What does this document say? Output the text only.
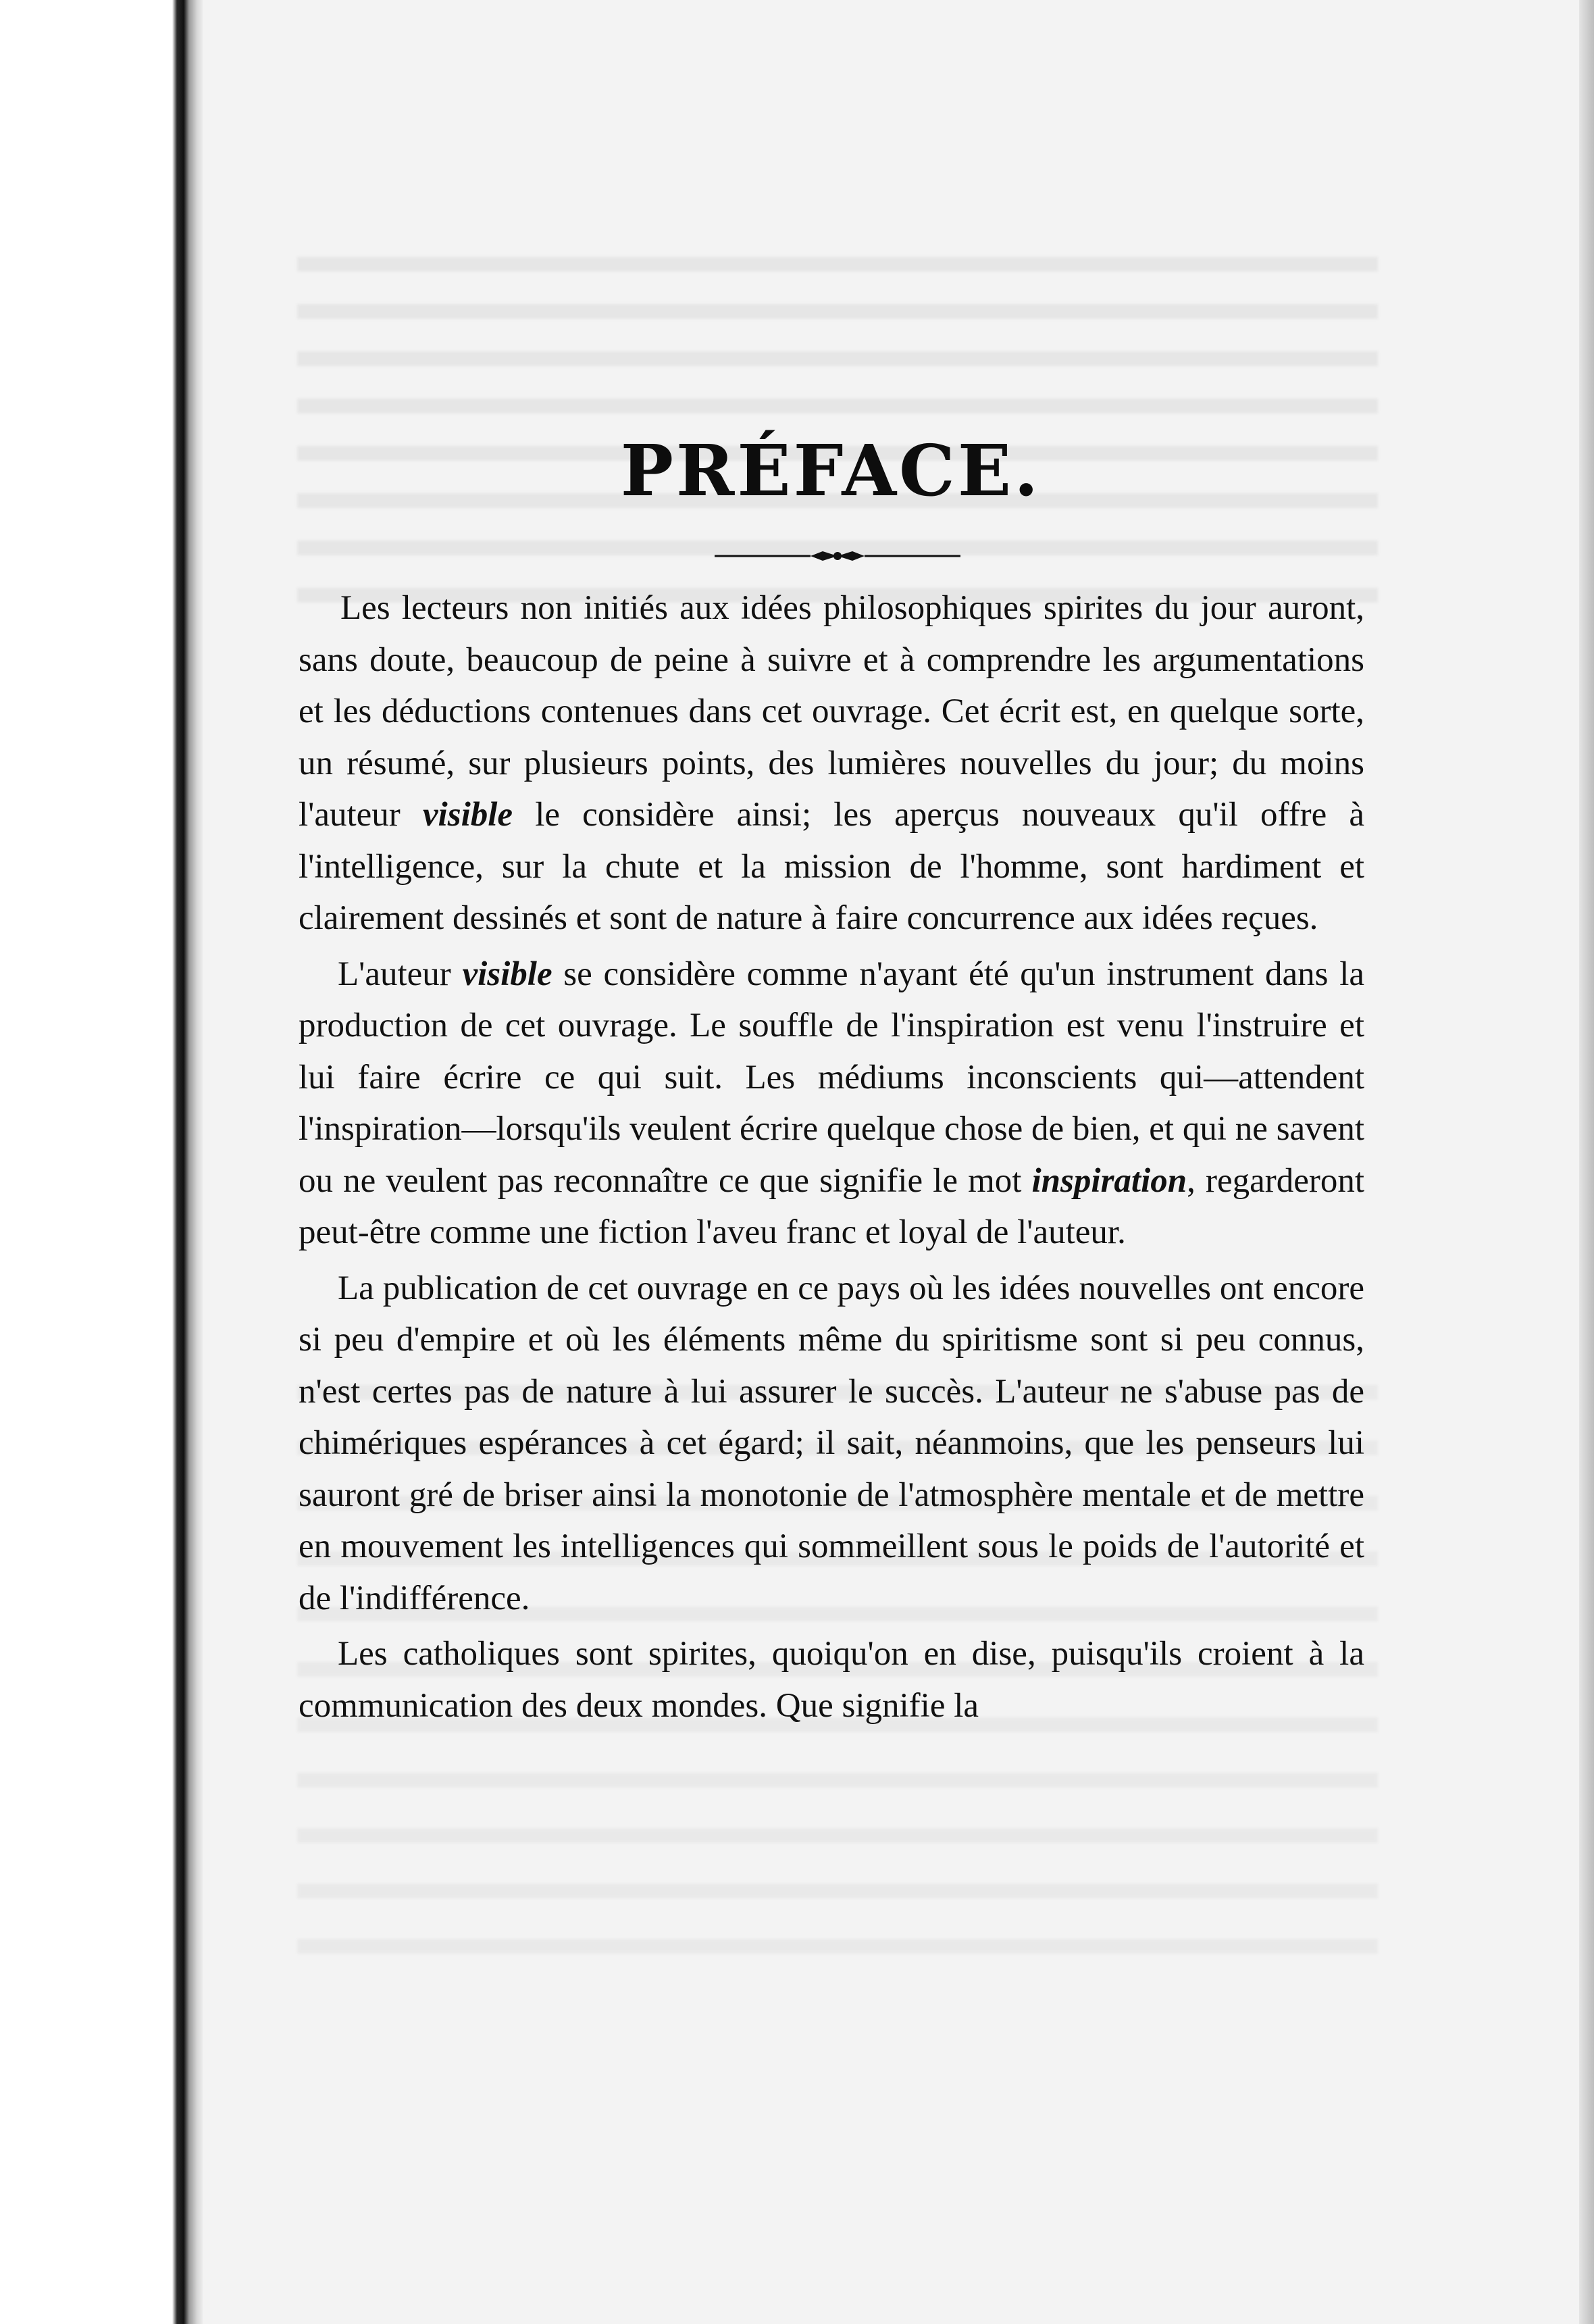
PRÉFACE.

Les lecteurs non initiés aux idées philosophiques spirites du jour auront, sans doute, beaucoup de peine à suivre et à comprendre les argumentations et les déductions contenues dans cet ouvrage. Cet écrit est, en quelque sorte, un résumé, sur plusieurs points, des lumières nouvelles du jour; du moins l'auteur visible le considère ainsi; les aperçus nouveaux qu'il offre à l'intelligence, sur la chute et la mission de l'homme, sont hardiment et clairement dessinés et sont de nature à faire concurrence aux idées reçues.

L'auteur visible se considère comme n'ayant été qu'un instrument dans la production de cet ouvrage. Le souffle de l'inspiration est venu l'instruire et lui faire écrire ce qui suit. Les médiums inconscients qui—attendent l'inspiration—lorsqu'ils veulent écrire quelque chose de bien, et qui ne savent ou ne veulent pas reconnaître ce que signifie le mot inspiration, regarderont peut-être comme une fiction l'aveu franc et loyal de l'auteur.

La publication de cet ouvrage en ce pays où les idées nouvelles ont encore si peu d'empire et où les éléments même du spiritisme sont si peu connus, n'est certes pas de nature à lui assurer le succès. L'auteur ne s'abuse pas de chimériques espérances à cet égard; il sait, néanmoins, que les penseurs lui sauront gré de briser ainsi la monotonie de l'atmosphère mentale et de mettre en mouvement les intelligences qui sommeillent sous le poids de l'autorité et de l'indifférence.

Les catholiques sont spirites, quoiqu'on en dise, puisqu'ils croient à la communication des deux mondes. Que signifie la
